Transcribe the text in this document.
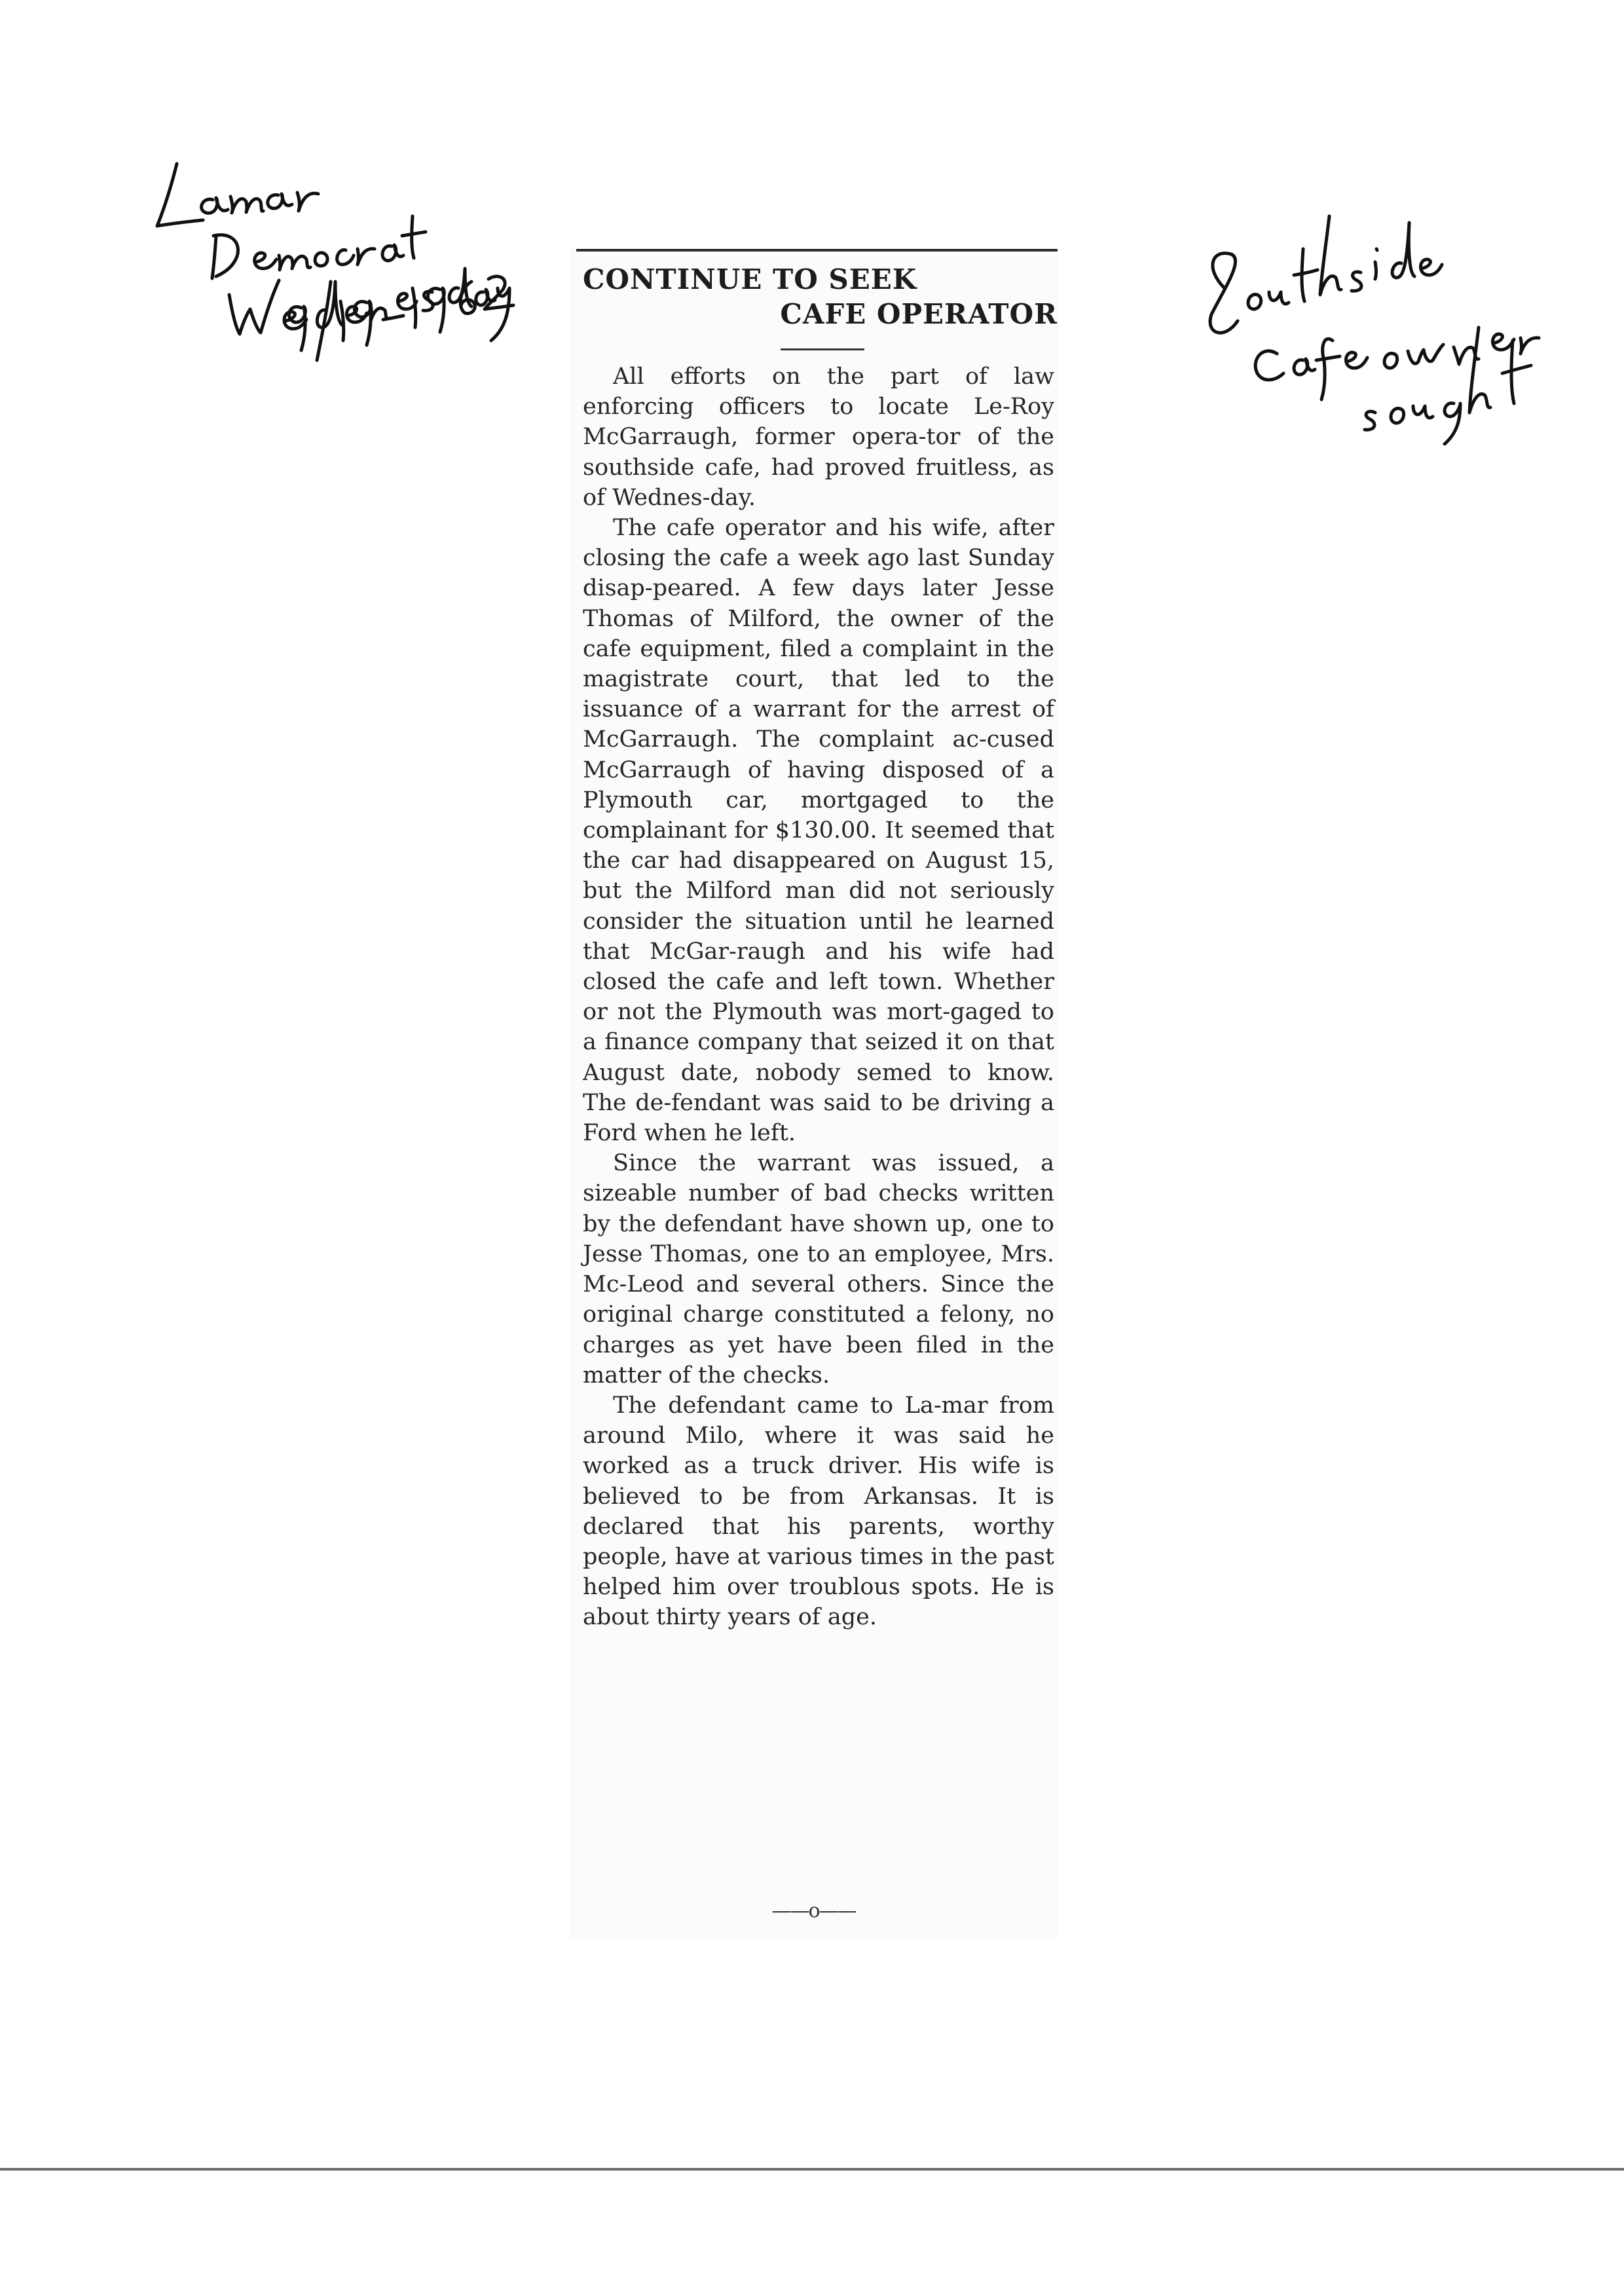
CONTINUE TO SEEK
CAFE OPERATOR

All efforts on the part of law enforcing officers to locate Le-Roy McGarraugh, former opera-tor of the southside cafe, had proved fruitless, as of Wednes-day.

The cafe operator and his wife, after closing the cafe a week ago last Sunday disap-peared. A few days later Jesse Thomas of Milford, the owner of the cafe equipment, filed a complaint in the magistrate court, that led to the issuance of a warrant for the arrest of McGarraugh. The complaint ac-cused McGarraugh of having disposed of a Plymouth car, mortgaged to the complainant for $130.00. It seemed that the car had disappeared on August 15, but the Milford man did not seriously consider the situation until he learned that McGar-raugh and his wife had closed the cafe and left town. Whether or not the Plymouth was mort-gaged to a finance company that seized it on that August date, nobody semed to know. The de-fendant was said to be driving a Ford when he left.

Since the warrant was issued, a sizeable number of bad checks written by the defendant have shown up, one to Jesse Thomas, one to an employee, Mrs. Mc-Leod and several others. Since the original charge constituted a felony, no charges as yet have been filed in the matter of the checks.

The defendant came to La-mar from around Milo, where it was said he worked as a truck driver. His wife is believed to be from Arkansas. It is declared that his parents, worthy people, have at various times in the past helped him over troublous spots. He is about thirty years of age.

——o——
